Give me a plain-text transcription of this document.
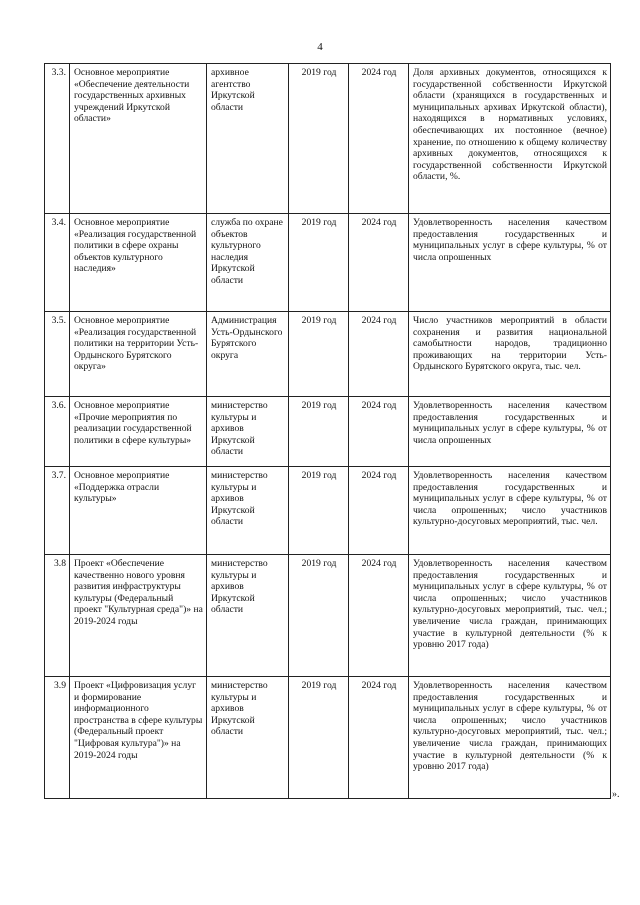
4
3.3.	Основное мероприятие «Обеспечение деятельности государственных архивных учреждений Иркутской области»	архивное агентство Иркутской области	2019 год	2024 год	Доля архивных документов, относящихся к государственной собственности Иркутской области (хранящихся в государственных и муниципальных архивах Иркутской области), находящихся в нормативных условиях, обеспечивающих их постоянное (вечное) хранение, по отношению к общему количеству архивных документов, относящихся к государственной собственности Иркутской области, %.
3.4.	Основное мероприятие «Реализация государственной политики в сфере охраны объектов культурного наследия»	служба по охране объектов культурного наследия Иркутской области	2019 год	2024 год	Удовлетворенность населения качеством предоставления государственных и муниципальных услуг в сфере культуры, % от числа опрошенных
3.5.	Основное мероприятие «Реализация государственной политики на территории Усть-Ордынского Бурятского округа»	Администрация Усть-Ордынского Бурятского округа	2019 год	2024 год	Число участников мероприятий в области сохранения и развития национальной самобытности народов, традиционно проживающих на территории Усть-Ордынского Бурятского округа, тыс. чел.
3.6.	Основное мероприятие «Прочие мероприятия по реализации государственной политики в сфере культуры»	министерство культуры и архивов Иркутской области	2019 год	2024 год	Удовлетворенность населения качеством предоставления государственных и муниципальных услуг в сфере культуры, % от числа опрошенных
3.7.	Основное мероприятие «Поддержка отрасли культуры»	министерство культуры и архивов Иркутской области	2019 год	2024 год	Удовлетворенность населения качеством предоставления государственных и муниципальных услуг в сфере культуры, % от числа опрошенных; число участников культурно-досуговых мероприятий, тыс. чел.
3.8	Проект «Обеспечение качественно нового уровня развития инфраструктуры культуры (Федеральный проект "Культурная среда")» на 2019-2024 годы	министерство культуры и архивов Иркутской области	2019 год	2024 год	Удовлетворенность населения качеством предоставления государственных и муниципальных услуг в сфере культуры, % от числа опрошенных; число участников культурно-досуговых мероприятий, тыс. чел.; увеличение числа граждан, принимающих участие в культурной деятельности (% к уровню 2017 года)
3.9	Проект «Цифровизация услуг и формирование информационного пространства в сфере культуры (Федеральный проект "Цифровая культура")» на 2019-2024 годы	министерство культуры и архивов Иркутской области	2019 год	2024 год	Удовлетворенность населения качеством предоставления государственных и муниципальных услуг в сфере культуры, % от числа опрошенных; число участников культурно-досуговых мероприятий, тыс. чел.; увеличение числа граждан, принимающих участие в культурной деятельности (% к уровню 2017 года)
».
